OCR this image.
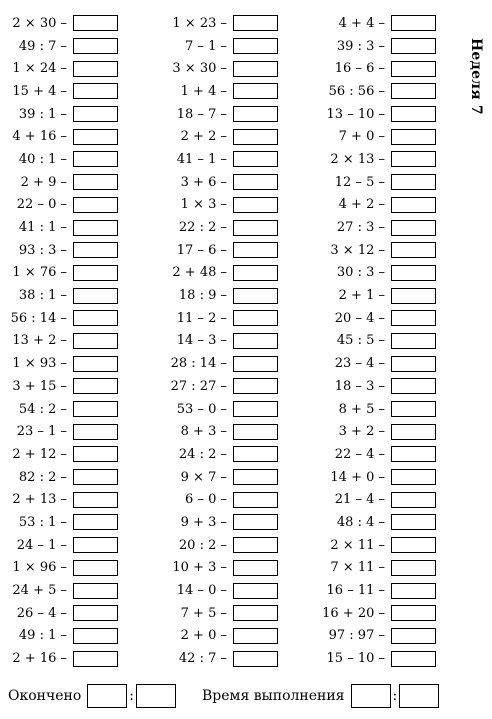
2 × 30 –
49 : 7 –
1 × 24 –
15 + 4 –
39 : 1 –
4 + 16 –
40 : 1 –
2 + 9 –
22 – 0 –
41 : 1 –
93 : 3 –
1 × 76 –
38 : 1 –
56 : 14 –
13 + 2 –
1 × 93 –
3 + 15 –
54 : 2 –
23 – 1 –
2 + 12 –
82 : 2 –
2 + 13 –
53 : 1 –
24 – 1 –
1 × 96 –
24 + 5 –
26 – 4 –
49 : 1 –
2 + 16 –
1 × 23 –
7 – 1 –
3 × 30 –
1 + 4 –
18 – 7 –
2 + 2 –
41 – 1 –
3 + 6 –
1 × 3 –
22 : 2 –
17 – 6 –
2 + 48 –
18 : 9 –
11 – 2 –
14 – 3 –
28 : 14 –
27 : 27 –
53 – 0 –
8 + 3 –
24 : 2 –
9 × 7 –
6 – 0 –
9 + 3 –
20 : 2 –
10 + 3 –
14 – 0 –
7 + 5 –
2 + 0 –
42 : 7 –
4 + 4 –
39 : 3 –
16 – 6 –
56 : 56 –
13 – 10 –
7 + 0 –
2 × 13 –
12 – 5 –
4 + 2 –
27 : 3 –
3 × 12 –
30 : 3 –
2 + 1 –
20 – 4 –
45 : 5 –
23 – 4 –
18 – 3 –
8 + 5 –
3 + 2 –
22 – 4 –
14 + 0 –
21 – 4 –
48 : 4 –
2 × 11 –
7 × 11 –
16 – 11 –
16 + 20 –
97 : 97 –
15 – 10 –
Неделя 7
Окончено	:	Время выполнения	:
